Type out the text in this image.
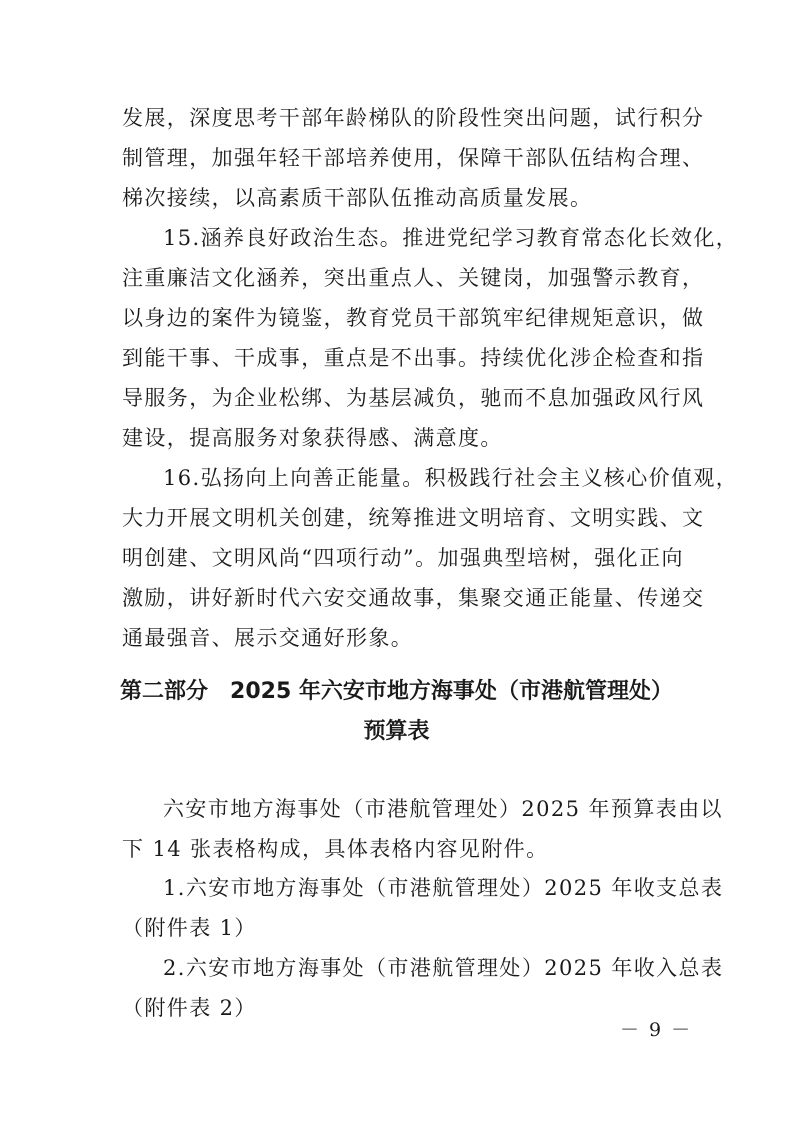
发展，深度思考干部年龄梯队的阶段性突出问题，试行积分
制管理，加强年轻干部培养使用，保障干部队伍结构合理、
梯次接续，以高素质干部队伍推动高质量发展。
15.涵养良好政治生态。推进党纪学习教育常态化长效化，
注重廉洁文化涵养，突出重点人、关键岗，加强警示教育，
以身边的案件为镜鉴，教育党员干部筑牢纪律规矩意识，做
到能干事、干成事，重点是不出事。持续优化涉企检查和指
导服务，为企业松绑、为基层减负，驰而不息加强政风行风
建设，提高服务对象获得感、满意度。
16.弘扬向上向善正能量。积极践行社会主义核心价值观，
大力开展文明机关创建，统筹推进文明培育、文明实践、文
明创建、文明风尚“四项行动”。加强典型培树，强化正向
激励，讲好新时代六安交通故事，集聚交通正能量、传递交
通最强音、展示交通好形象。
第二部分　2025 年六安市地方海事处（市港航管理处）
预算表
六安市地方海事处（市港航管理处）2025 年预算表由以
下 14 张表格构成，具体表格内容见附件。
1.六安市地方海事处（市港航管理处）2025 年收支总表
（附件表 1）
2.六安市地方海事处（市港航管理处）2025 年收入总表
（附件表 2）
－ 9 －
